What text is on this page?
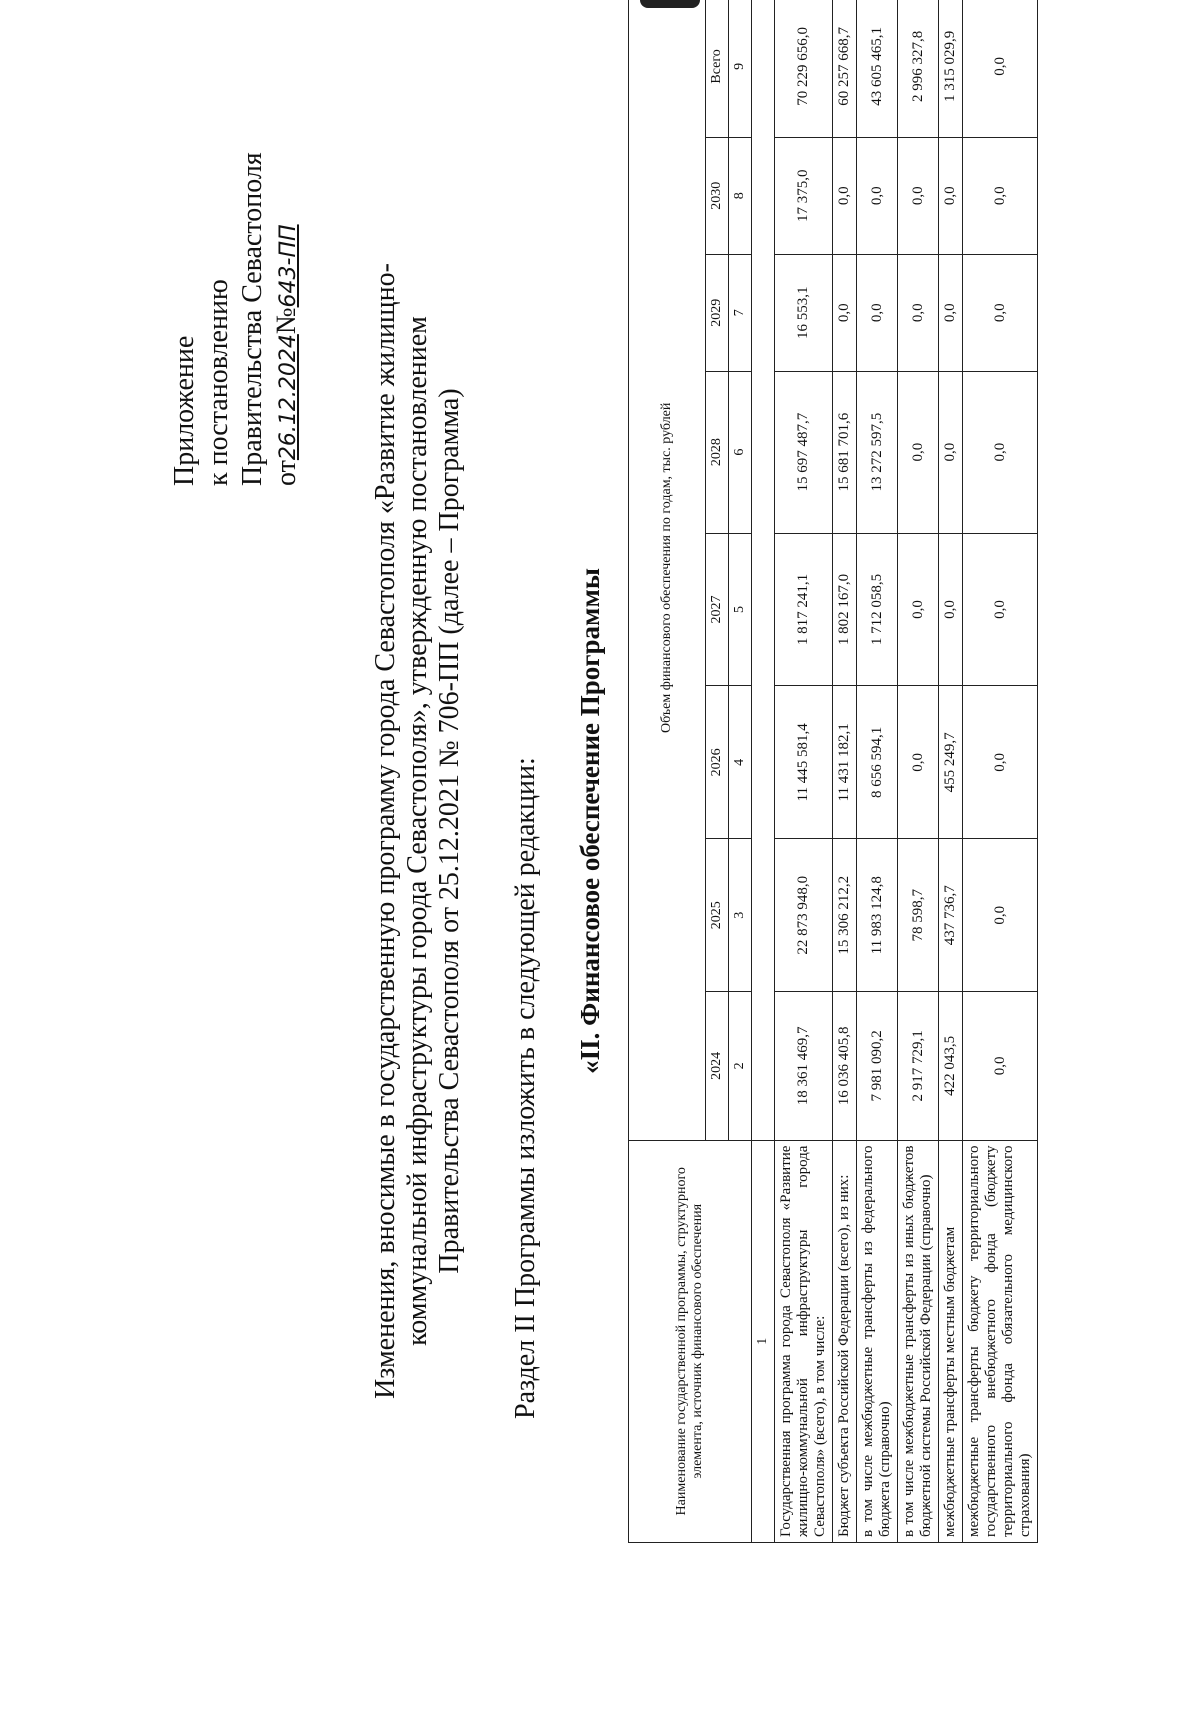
Приложение к постановлению Правительства Севастополя от26.12.2024№643-ПП Изменения, вносимые в государственную программу города Севастополя «Развитие жилищно-коммунальной инфраструктуры города Севастополя», утвержденную постановлением Правительства Севастополя от 25.12.2021 № 706-ПП (далее – Программа) Раздел II Программы изложить в следующей редакции: «II. Финансовое обеспечение Программы
Наименование государственной программы, структурного элемента, источник финансового обеспечения	Объем финансового обеспечения по годам, тыс. рублей							
	2024	2025	2026	2027	2028	2029	2030	Всего
	2	3	4	5	6	7	8	9
1								
Государственная программа города Севастополя «Развитие жилищно-коммунальной инфраструктуры города Севастополя» (всего), в том числе:	18 361 469,7	22 873 948,0	11 445 581,4	1 817 241,1	15 697 487,7	16 553,1	17 375,0	70 229 656,0
Бюджет субъекта Российской Федерации (всего), из них:	16 036 405,8	15 306 212,2	11 431 182,1	1 802 167,0	15 681 701,6	0,0	0,0	60 257 668,7
в том числе межбюджетные трансферты из федерального бюджета (справочно)	7 981 090,2	11 983 124,8	8 656 594,1	1 712 058,5	13 272 597,5	0,0	0,0	43 605 465,1
в том числе межбюджетные трансферты из иных бюджетов бюджетной системы Российской Федерации (справочно)	2 917 729,1	78 598,7	0,0	0,0	0,0	0,0	0,0	2 996 327,8
межбюджетные трансферты местным бюджетам	422 043,5	437 736,7	455 249,7	0,0	0,0	0,0	0,0	1 315 029,9
межбюджетные трансферты бюджету территориального государственного внебюджетного фонда (бюджету территориального фонда обязательного медицинского страхования)	0,0	0,0	0,0	0,0	0,0	0,0	0,0	0,0
